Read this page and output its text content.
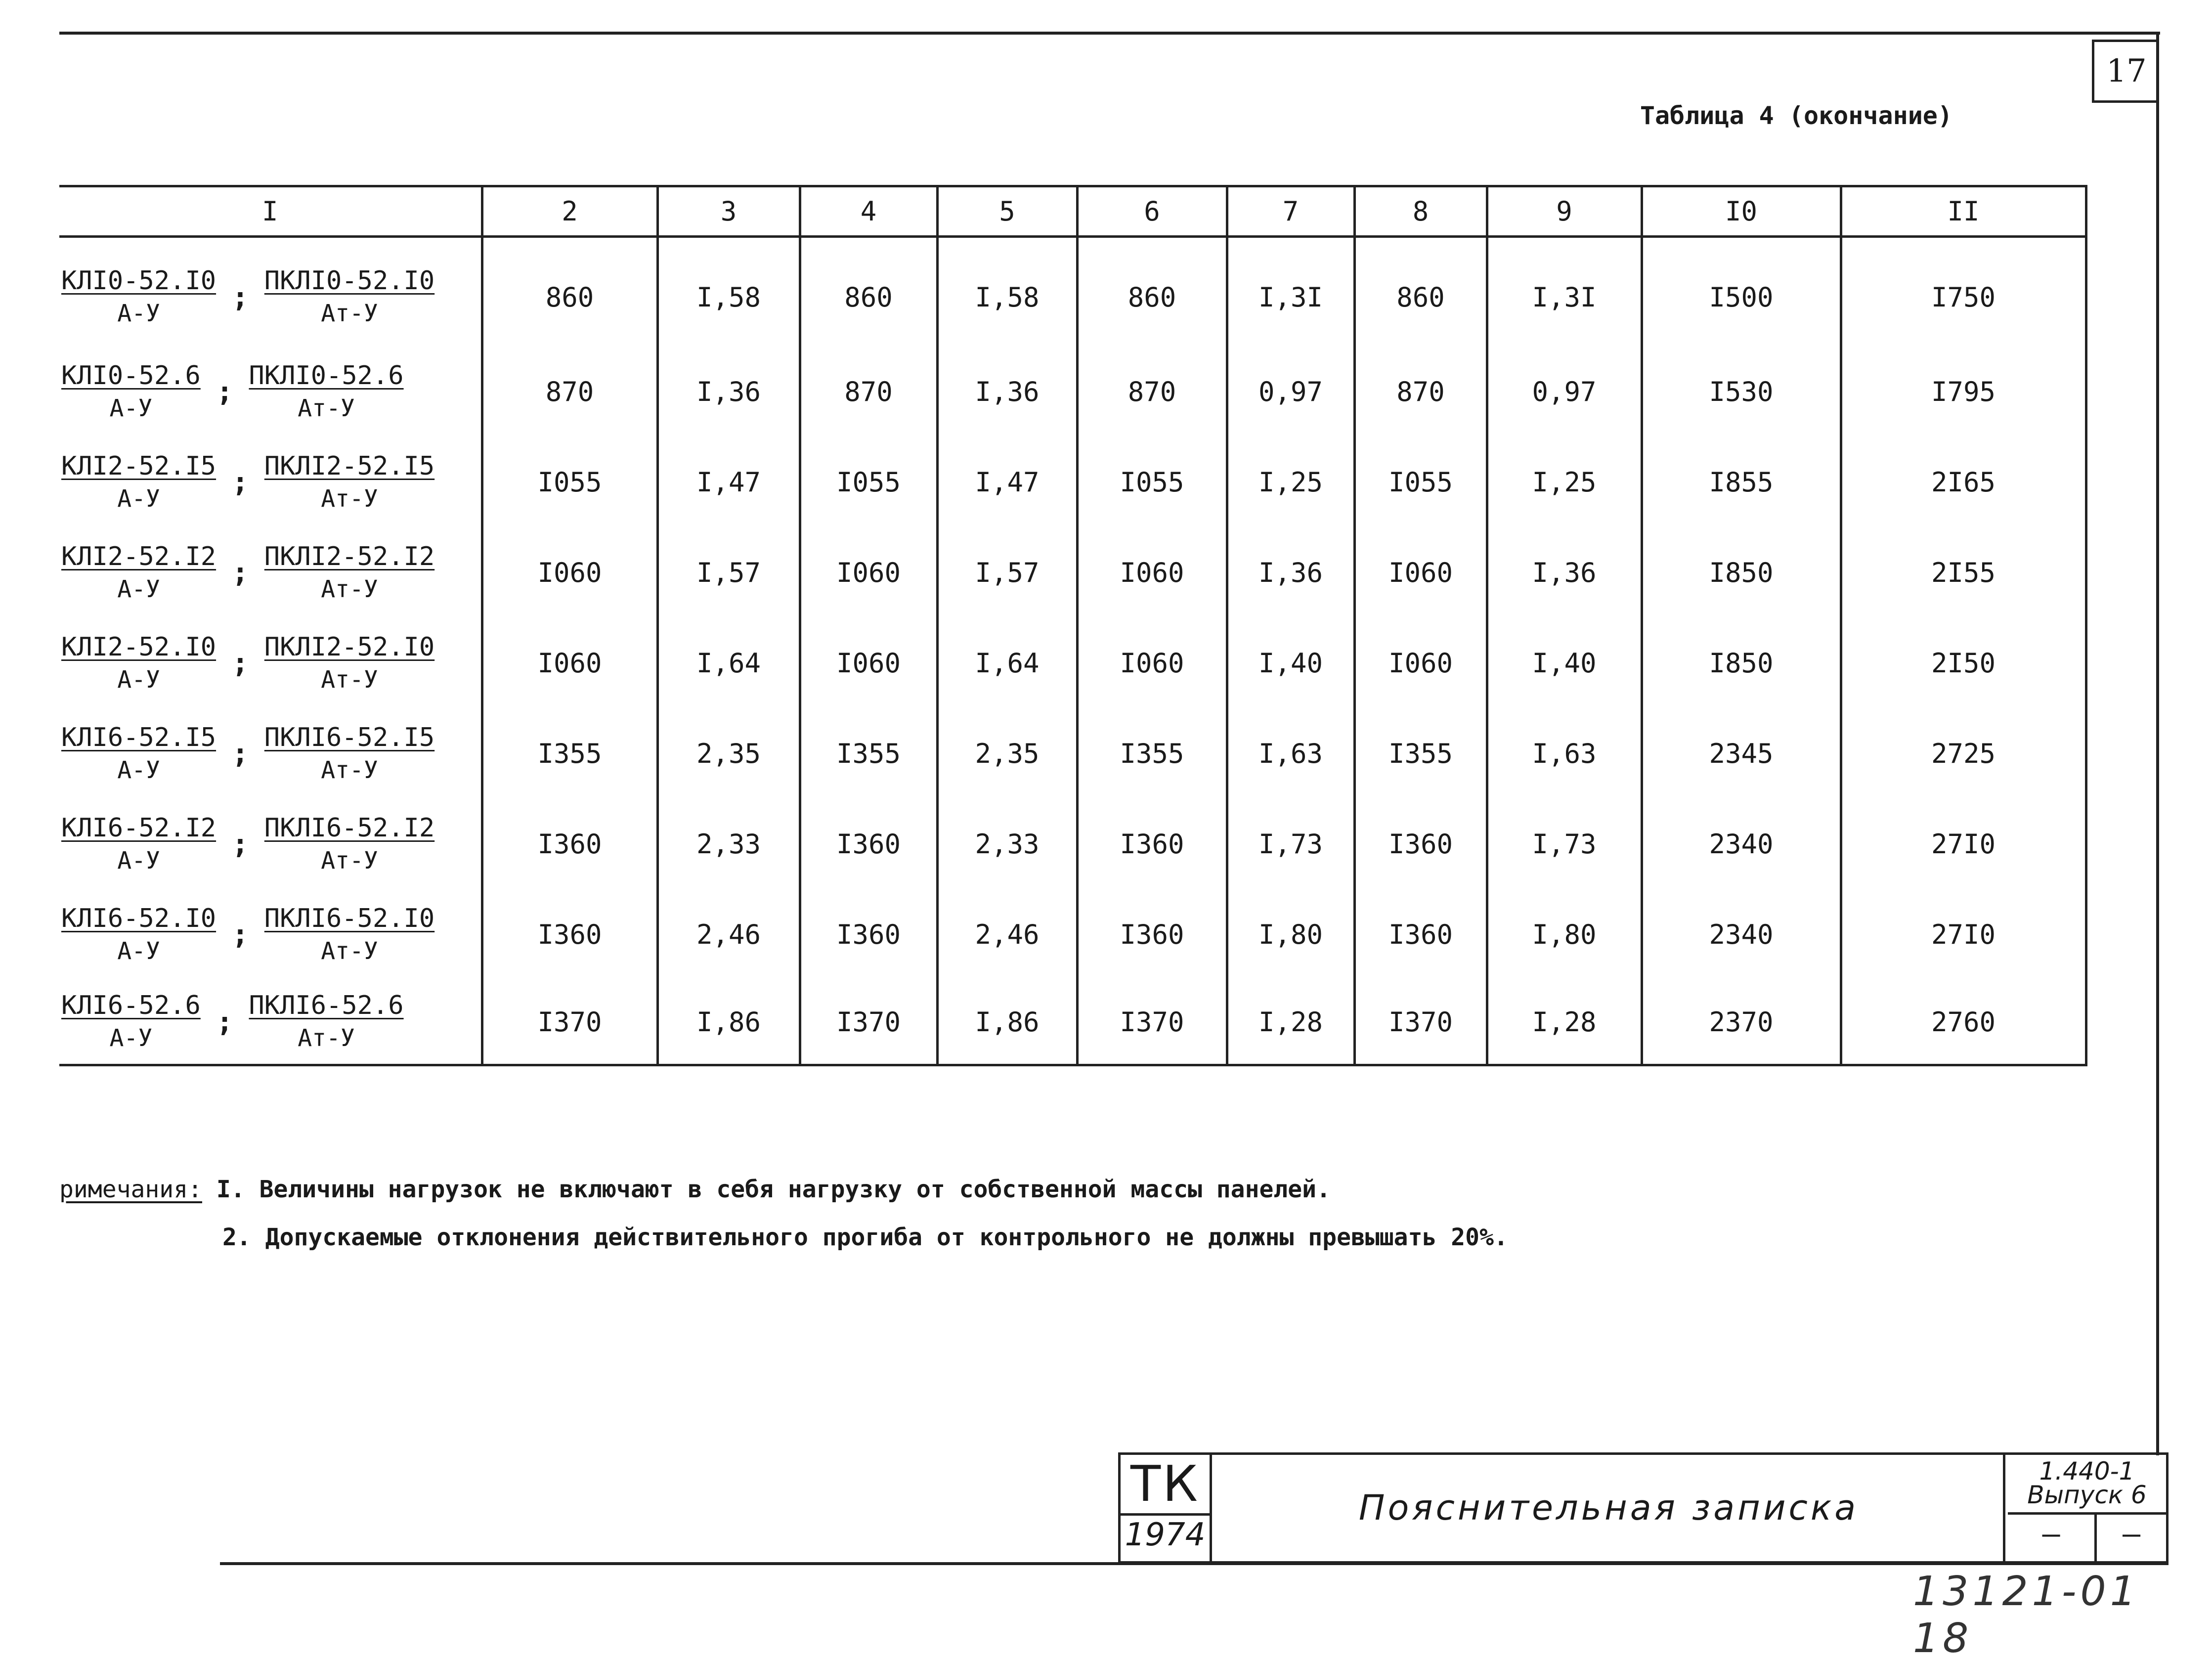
17
Таблица 4 (окончание)
I	2	3	4	5	6	7	8	9	I0	II

$\frac{\text{КЛI0-52.I0}}{А-У}$ ; $\frac{\text{ПКЛI0-52.I0}}{Ат-У}$	860	I,58	860	I,58	860	I,3I	860	I,3I	I500	I750

$\frac{\text{КЛI0-52.6}}{А-У}$ ; $\frac{\text{ПКЛI0-52.6}}{Ат-У}$	870	I,36	870	I,36	870	0,97	870	0,97	I530	I795

$\frac{\text{КЛI2-52.I5}}{А-У}$ ; $\frac{\text{ПКЛI2-52.I5}}{Ат-У}$	I055	I,47	I055	I,47	I055	I,25	I055	I,25	I855	2I65

$\frac{\text{КЛI2-52.I2}}{А-У}$ ; $\frac{\text{ПКЛI2-52.I2}}{Ат-У}$	I060	I,57	I060	I,57	I060	I,36	I060	I,36	I850	2I55

$\frac{\text{КЛI2-52.I0}}{А-У}$ ; $\frac{\text{ПКЛI2-52.I0}}{Ат-У}$	I060	I,64	I060	I,64	I060	I,40	I060	I,40	I850	2I50

$\frac{\text{КЛI6-52.I5}}{А-У}$ ; $\frac{\text{ПКЛI6-52.I5}}{Ат-У}$	I355	2,35	I355	2,35	I355	I,63	I355	I,63	2345	2725

$\frac{\text{КЛI6-52.I2}}{А-У}$ ; $\frac{\text{ПКЛI6-52.I2}}{Ат-У}$	I360	2,33	I360	2,33	I360	I,73	I360	I,73	2340	27I0

$\frac{\text{КЛI6-52.I0}}{А-У}$ ; $\frac{\text{ПКЛI6-52.I0}}{Ат-У}$	I360	2,46	I360	2,46	I360	I,80	I360	I,80	2340	27I0

$\frac{\text{КЛI6-52.6}}{А-У}$ ; $\frac{\text{ПКЛI6-52.6}}{Ат-У}$	I370	I,86	I370	I,86	I370	I,28	I370	I,28	2370	2760
римечания: I. Величины нагрузок не включают в себя нагрузку от собственной массы панелей.
2. Допускаемые отклонения действительного прогиба от контрольного не должны превышать 20%.
ТК
1974
Пояснительная записка
1.440-1
Выпуск 6
—	—
13121-01 18
